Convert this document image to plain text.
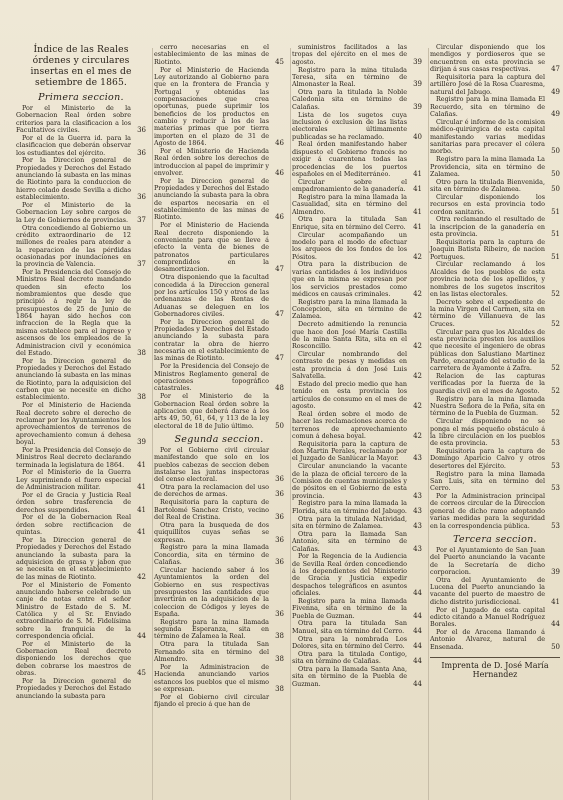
Índice de las Reales órdenes y circulares insertas en el mes de setiembre de 1865.
Primera seccion.
Por el Ministerio de la Gobernacion Real órden sobre criterios para la clasificacion a los Facultativos civiles.	36
Por el de la Guerra id. para la clasificacion que deberán observar los estudiantes del ejército.	36
Por la Direccion general de Propiedades y Derechos del Estado anunciando la subasta en las minas de Riotinto para la conduccion de hierro colado desde Sevilla a dicho establecimiento.	36
Por el Ministerio de la Gobernacion Ley sobre cargos de la Ley de Gobiernos de provincias.	37
Otra concediendo al Gobierno un crédito extraordinario de 12 millones de reales para atender a la reparacion de las pérdidas ocasionadas por inundaciones en la provincia de Valencia.	37
Por la Presidencia del Consejo de Ministros Real decreto mandando queden sin efecto los nombramientos que desde que principió á regir la ley de presupuestos de 25 de Junio de 1864 hayan sido hechos con infraccion de la Regla que la misma establece para el ingreso y ascensos de los empleados de la Administracion civil y económica del Estado.	38
Por la Direccion general de Propiedades y Derechos del Estado anunciando la subasta en las minas de Riotinto, para la adquisicion del carbon que se necesite en dicho establecimiento.	38
Por el Ministerio de Hacienda Real decreto sobre el derecho de reclamar por los Ayuntamientos los aprovechamientos de terrenos de aprovechamiento comun á dehesa boyal.	39
Por la Presidencia del Consejo de Ministros Real decreto declarando terminada la legislatura de 1864.	41
Por el Ministerio de la Guerra Ley suprimiendo el fuero especial de Administracion militar.	41
Por el de Gracia y Justicia Real órden sobre trasferencia de derechos suspendidos.	41
Por el de la Gobernacion Real órden sobre rectificacion de quintas.	41
Por la Direccion general de Propiedades y Derechos del Estado anunciando la subasta para la adquisicion de grasa y jabon que se necesita en el establecimiento de las minas de Riotinto.	42
Por el Ministerio de Fomento anunciando haberse celebrado un canje de notas entre el señor Ministro de Estado de S. M. Católica y el Sr. Enviado extraordinario de S. M. Fidelísima sobre la franquicia de la correspondencia oficial.	44
Por el Ministerio de la Gobernacion Real decreto disponiendo los derechos que deben cobrarse los maestros de obras.	45
Por la Direccion general de Propiedades y Derechos del Estado anunciando la subasta para
cerro necesarias en el establecimiento de las minas de Riotinto.	45
Por el Ministerio de Hacienda Ley autorizando al Gobierno para que en la frontera de Francia y Portugal y obtenidas las compensaciones que crea oportunas, puede suprimir los beneficios de los productos en cambio y reducir á los de las materias primas que por tierra importen en el plazo de 31 de Agosto de 1864.	46
Por el Ministerio de Hacienda Real órden sobre los derechos de introduccion al papel de imprimir y envolver.	46
Por la Direccion general de Propiedades y Derechos del Estado anunciando la subasta para la obra de espartos necesaria en el establecimiento de las minas de Riotinto.	46
Por el Ministerio de Hacienda Real decreto disponiendo la conveniente para que se lleve á efecto la venta de bienes de patronatos particulares comprendidos en la desamortizacion.	47
Otra disponiendo que la facultad concedida á la Direccion general por los artículos 150 y otros de las ordenanzas de las Rentas de Aduanas se deleguen en los Gobernadores civiles.	47
Por la Direccion general de Propiedades y Derechos del Estado anunciando la subasta para contratar la obra de hierro necesaria en el establecimiento de las minas de Riotinto.	47
Por la Presidencia del Consejo de Ministros Reglamento general de operaciones topográfico catastrales.	48
Por el Ministerio de la Gobernacion Real órden sobre la aplicacion que deberá darse á los arts 49, 50, 61, 64, y 113 de la ley electoral de 18 de Julio último.	50
Segunda seccion.
Por el Gobierno civil circular manifestando que solo en los pueblos cabezas de seccion deben instalarse las juntas inspectoras del censo electoral.	36
Otra para la reclamacion del uso de derechos de armas.	36
Requisitoria para la captura de Bartolomé Sanchez Cristo, vecino del Real de Cristina.	36
Otra para la busqueda de dos quiquillitos cuyas señas se expresan.	36
Registro para la mina llamada Concordia, sita en término de Calañas.	36
Circular haciendo saber á los Ayuntamientos la orden del Gobierno en sus respectivas presupuestos las cantidades que invertirán en la adquisicion de la coleccion de Códigos y leyes de España.	36
Registro para la mina llamada segunda Esperanza, sita en término de Zalamea la Real.	38
Otra para la titulada San Fernando sita en término del Almendro.	38
Por la Administracion de Hacienda anunciando varios estancos los pueblos que el mismo se expresan.	38
Por el Gobierno civil circular fijando el precio á que han de
suministros facilitados a las tropas del ejército en el mes de agosto.	39
Registro para la mina titulada Teresa, sita en término de Almonaster la Real.	39
Otra para la titulada la Noble Caledonia sita en término de Calañas.	39
Lista de los sugetos cuya inclusion ó exclusion de las listas electorales últimamente publicadas se ha reclamado.	40
Real órden manifestando haber dispuesto el Gobierno francés no exigir á cuarentena todas las procedencias de los puertos españoles en el Mediterráneo.	41
Circular sobre el empadronamiento de la ganadería.	41
Registro para la mina llamada la Casualidad, sita en término del Almendro.	41
Otra para la titulada San Enrique, sita en término del Cerro.	41
Circular acompañando un modelo para el modo de efectuar los arqueos de los fondos de los Pósitos.	42
Otra para la distribucion de varias cantidades á los individuos que en la misma se expresan por los servicios prestados como médicos en causas criminales.	42
Registro para la mina llamada la Concepcion, sita en término de Zalamea.	42
Decreto admitiendo la renuncia que hace don José María Castilla de la mina Santa Rita, sita en el Rosconcillo.	42
Circular nombrando del contraste de pesas y medidas en esta provincia á don José Luis Salvatella.	42
Estado del precio medio que han tenido en esta provincia los artículos de consumo en el mes de agosto.	42
Real órden sobre el modo de hacer las reclamaciones acerca de terrenos de aprovechamiento comun á dehesa boyal.	42
Requisitoria para la captura de don Martin Perales, reclamado por el Juzgado de Sanlúcar la Mayor.	43
Circular anunciando la vacante de la plaza de oficial tercero de la Comision de cuentas municipales y de pósitos en el Gobierno de esta provincia.	43
Registro para la mina llamada la Florida, sita en término del Jabugo. 43
Otra para la titulada Natividad, sita en término de Zalamea.	43
Otra para la llamada San Antonio, sita en término de Calañas.	43
Por la Regencia de la Audiencia de Sevilla Real órden concediendo á los dependientes del Ministerio de Gracia y Justicia expedir despachos telegráficos en asuntos oficiales.	44
Registro para la mina llamada Fivenna, sita en término de la Puebla de Guzman.	44
Otra para la titulada San Manuel, sita en término del Cerro.	44
Otra para la nombrada Los Dolores, sita en término del Cerro.	44
Otra para la titulada Contigo, sita en término de Calañas.	44
Otra para la llamada Santa Ana, sita en término de la Puebla de Guzman.	44
Circular disponiendo que los mendigos y pordioseros que se encuentren en esta provincia se dirijan á sus casas respectivas.	47
Requisitoria para la captura del artillero José de la Rosa Cuaresma, natural del Jabugo.	49
Registro para la mina llamada El Recuerdo, sita en término de Calañas.	49
Circular é informe de la comision médico-quirúrgica de esta capital manifestando varias medidas sanitarias para precaver el cólera morbo.	50
Registro para la mina llamada La Providencia, sita en término de Zalamea.	50
Otro para la titulada Bienvenida, sita en término de Zalamea.	50
Circular disponiendo los recursos en esta provincia todo cordon sanitario.	51
Otra reclamando el resultado de la inscripcion de la ganadería en esta provincia.	51
Requisitoria para la captura de Joaquin Batista Ribeiro, de nacion Portugues.	51
Circular reclamando á los Alcaldes de los pueblos de esta provincia nota de los apellidos, y nombres de los sugetos inscritos en las listas electorales.	52
Decreto sobre el expediente de la mina Virgen del Carmen, sita en término de Villanueva de las Cruces.	52
Circular para que los Alcaldes de esta provincia presten los auxilios que necesite el ingeniero de obras públicas don Salustiano Martinez Pardo, encargado del estudio de la carretera de Ayamonte á Zafra.	52
Relacion de las capturas verificadas por la fuerza de la guardia civil en el mes de Agosto.	52
Registro para la mina llamada Nuestra Señora de la Peña, sita en término de la Puebla de Guzman.	52
Circular disponiendo no se ponga el más pequeño obstáculo á la libre circulacion en los pueblos de esta provincia.	53
Requisitoria para la captura de Domingo Aparicio Calvo y otros desertores del Ejército.	53
Registro para la mina llamada San Luis, sita en término del Cerro.	53
Por la Administracion principal de correos circular de la Direccion general de dicho ramo adoptando varias medidas para la seguridad en la correspondencia pública.	53
Tercera seccion.
Por el Ayuntamiento de San Juan del Puerto anunciando la vacante de la Secretaría de dicho corporacion.	39
Otra del Ayuntamiento de Lucena del Puerto anunciando la vacante del puerto de maestro de dicho distrito jurisdiccional.	41
Por el Juzgado de esta capital edicto citando a Manuel Rodríguez Borales.	44
Por el de Aracena llamando á Antonio Alvarez, natural de Ensenada.	50
Imprenta de D. José María Hernandez
